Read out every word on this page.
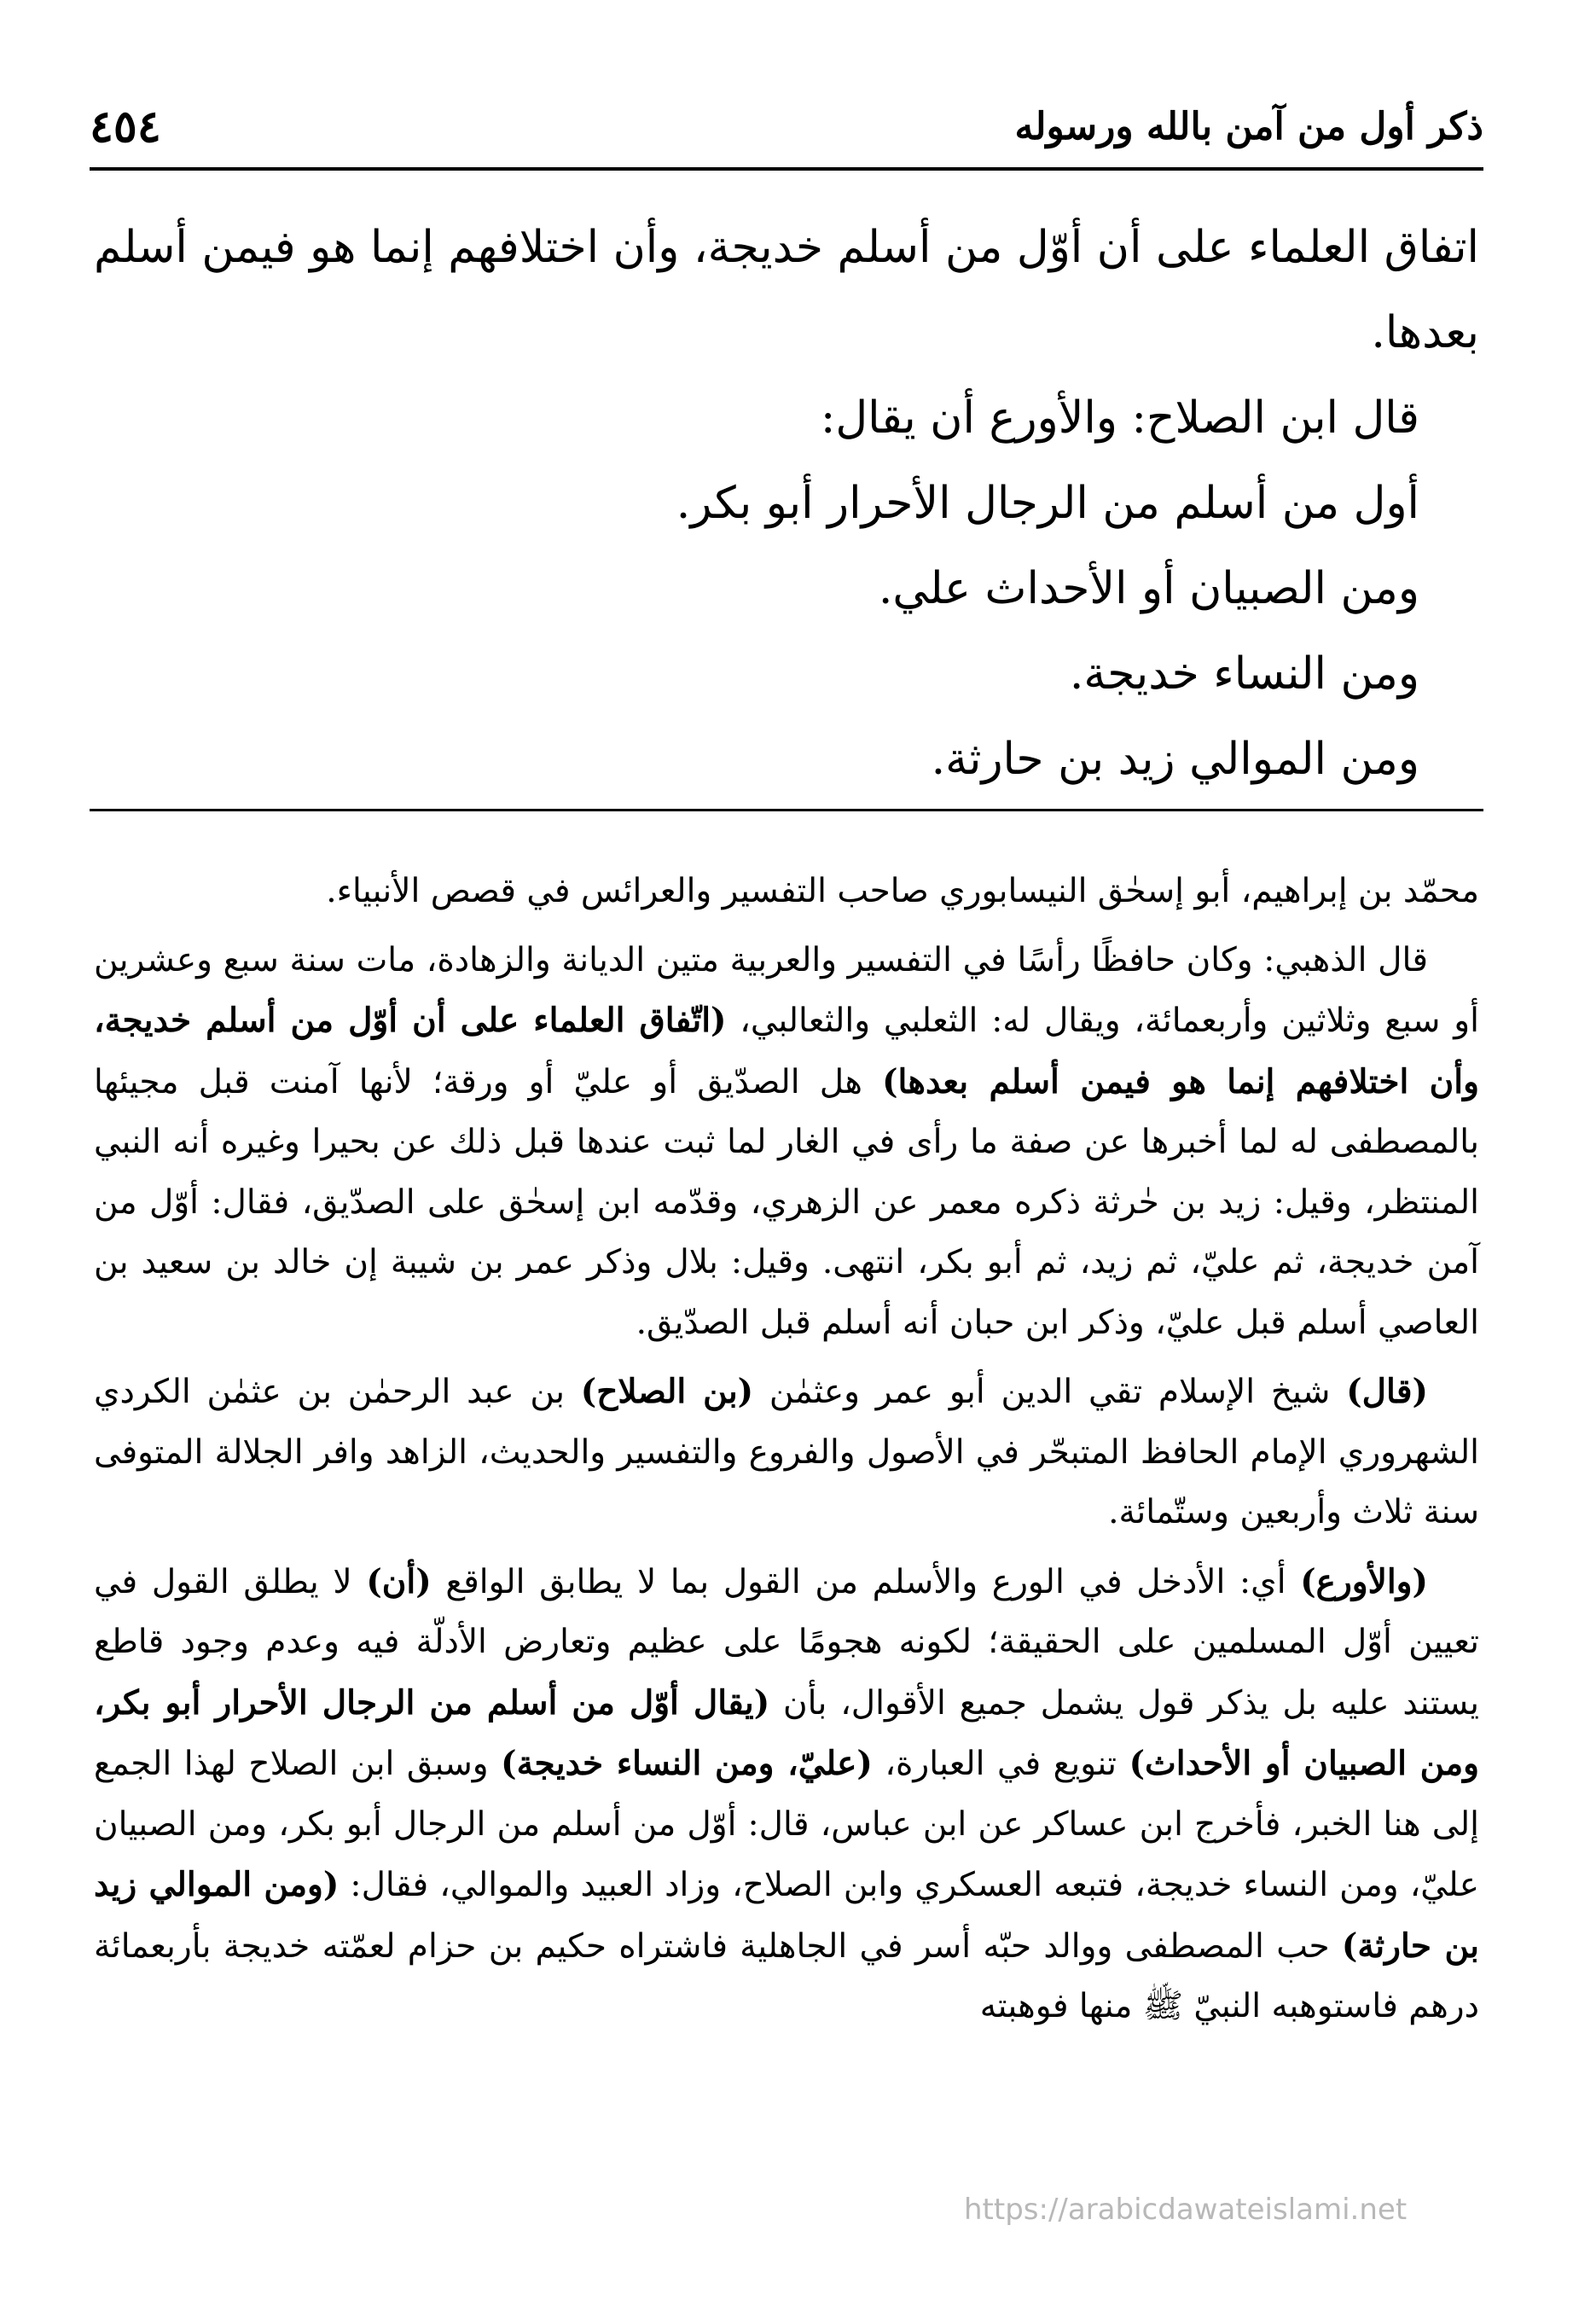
ذكر أول من آمن بالله ورسوله
٤٥٤

اتفاق العلماء على أن أوّل من أسلم خديجة، وأن اختلافهم إنما هو فيمن أسلم بعدها.

قال ابن الصلاح: والأورع أن يقال:

أول من أسلم من الرجال الأحرار أبو بكر.

ومن الصبيان أو الأحداث علي.

ومن النساء خديجة.

ومن الموالي زيد بن حارثة.

محمّد بن إبراهيم، أبو إسحٰق النيسابوري صاحب التفسير والعرائس في قصص الأنبياء.

قال الذهبي: وكان حافظًا رأسًا في التفسير والعربية متين الديانة والزهادة، مات سنة سبع وعشرين أو سبع وثلاثين وأربعمائة، ويقال له: الثعلبي والثعالبي، (اتّفاق العلماء على أن أوّل من أسلم خديجة، وأن اختلافهم إنما هو فيمن أسلم بعدها) هل الصدّيق أو عليّ أو ورقة؛ لأنها آمنت قبل مجيئها بالمصطفى له لما أخبرها عن صفة ما رأى في الغار لما ثبت عندها قبل ذلك عن بحيرا وغيره أنه النبي المنتظر، وقيل: زيد بن حٰرثة ذكره معمر عن الزهري، وقدّمه ابن إسحٰق على الصدّيق، فقال: أوّل من آمن خديجة، ثم عليّ، ثم زيد، ثم أبو بكر، انتهى. وقيل: بلال وذكر عمر بن شيبة إن خالد بن سعيد بن العاصي أسلم قبل عليّ، وذكر ابن حبان أنه أسلم قبل الصدّيق.

(قال) شيخ الإسلام تقي الدين أبو عمر وعثمٰن (بن الصلاح) بن عبد الرحمٰن بن عثمٰن الكردي الشهروري الإمام الحافظ المتبحّر في الأصول والفروع والتفسير والحديث، الزاهد وافر الجلالة المتوفى سنة ثلاث وأربعين وستّمائة.

(والأورع) أي: الأدخل في الورع والأسلم من القول بما لا يطابق الواقع (أن) لا يطلق القول في تعيين أوّل المسلمين على الحقيقة؛ لكونه هجومًا على عظيم وتعارض الأدلّة فيه وعدم وجود قاطع يستند عليه بل يذكر قول يشمل جميع الأقوال، بأن (يقال أوّل من أسلم من الرجال الأحرار أبو بكر، ومن الصبيان أو الأحداث) تنويع في العبارة، (عليّ، ومن النساء خديجة) وسبق ابن الصلاح لهذا الجمع إلى هنا الخبر، فأخرج ابن عساكر عن ابن عباس، قال: أوّل من أسلم من الرجال أبو بكر، ومن الصبيان عليّ، ومن النساء خديجة، فتبعه العسكري وابن الصلاح، وزاد العبيد والموالي، فقال: (ومن الموالي زيد بن حارثة) حب المصطفى ووالد حبّه أسر في الجاهلية فاشتراه حكيم بن حزام لعمّته خديجة بأربعمائة درهم فاستوهبه النبيّ ﷺ منها فوهبته

https://arabicdawateislami.net
